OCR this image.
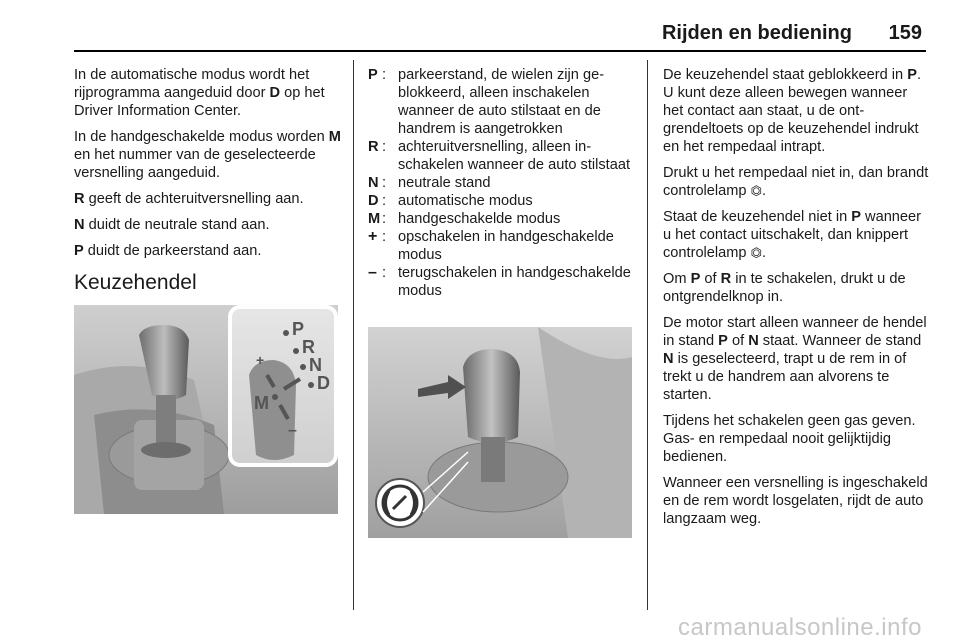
Rijden en bediening 159

In de automatische modus wordt het rijprogramma aangeduid door D op het Driver Information Center.

In de handgeschakelde modus worden M en het nummer van de geselecteerde versnelling aangeduid.

R geeft de achteruitversnelling aan.

N duidt de neutrale stand aan.

P duidt de parkeerstand aan.

Keuzehendel

P
R
N
D
M
+
–
P : parkeerstand, de wielen zijn geblokkeerd, alleen inschakelen wanneer de auto stilstaat en de handrem is aangetrokken
R : achteruitversnelling, alleen inschakelen wanneer de auto stilstaat
N : neutrale stand
D : automatische modus
M : handgeschakelde modus
+ : opschakelen in handgeschakelde modus
– : terugschakelen in handgeschakelde modus

De keuzehendel staat geblokkeerd in P. U kunt deze alleen bewegen wanneer het contact aan staat, u de ontgrendeltoets op de keuzehendel indrukt en het rempedaal intrapt.

Drukt u het rempedaal niet in, dan brandt controlelamp ⏣.

Staat de keuzehendel niet in P wanneer u het contact uitschakelt, dan knippert controlelamp ⏣.

Om P of R in te schakelen, drukt u de ontgrendelknop in.

De motor start alleen wanneer de hendel in stand P of N staat. Wanneer de stand N is geselecteerd, trapt u de rem in of trekt u de handrem aan alvorens te starten.

Tijdens het schakelen geen gas geven. Gas- en rempedaal nooit gelijktijdig bedienen.

Wanneer een versnelling is ingeschakeld en de rem wordt losgelaten, rijdt de auto langzaam weg.

carmanualsonline.info
